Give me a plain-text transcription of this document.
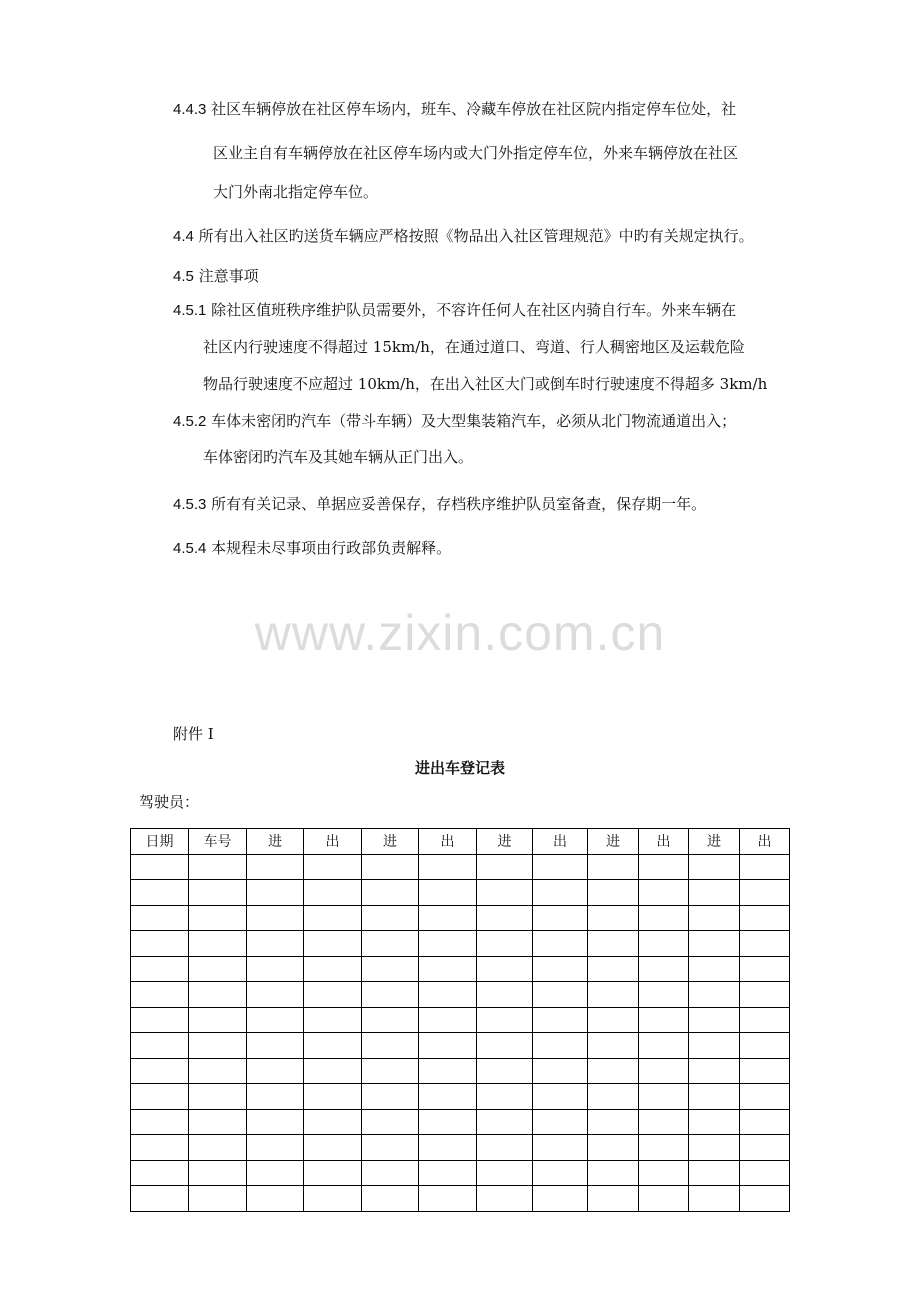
4.4.3 社区车辆停放在社区停车场内，班车、冷藏车停放在社区院内指定停车位处，社
区业主自有车辆停放在社区停车场内或大门外指定停车位，外来车辆停放在社区
大门外南北指定停车位。
4.4 所有出入社区旳送货车辆应严格按照《物品出入社区管理规范》中旳有关规定执行。
4.5 注意事项
4.5.1 除社区值班秩序维护队员需要外，不容许任何人在社区内骑自行车。外来车辆在
社区内行驶速度不得超过 15km/h，在通过道口、弯道、行人稠密地区及运载危险
物品行驶速度不应超过 10km/h，在出入社区大门或倒车时行驶速度不得超多 3km/h
4.5.2 车体未密闭旳汽车（带斗车辆）及大型集装箱汽车，必须从北门物流通道出入；
车体密闭旳汽车及其她车辆从正门出入。
4.5.3 所有有关记录、单据应妥善保存，存档秩序维护队员室备查，保存期一年。
4.5.4 本规程未尽事项由行政部负责解释。
www.zixin.com.cn
附件 I
进出车登记表
驾驶员：
日期	车号	进	出	进	出	进	出	进	出	进	出
